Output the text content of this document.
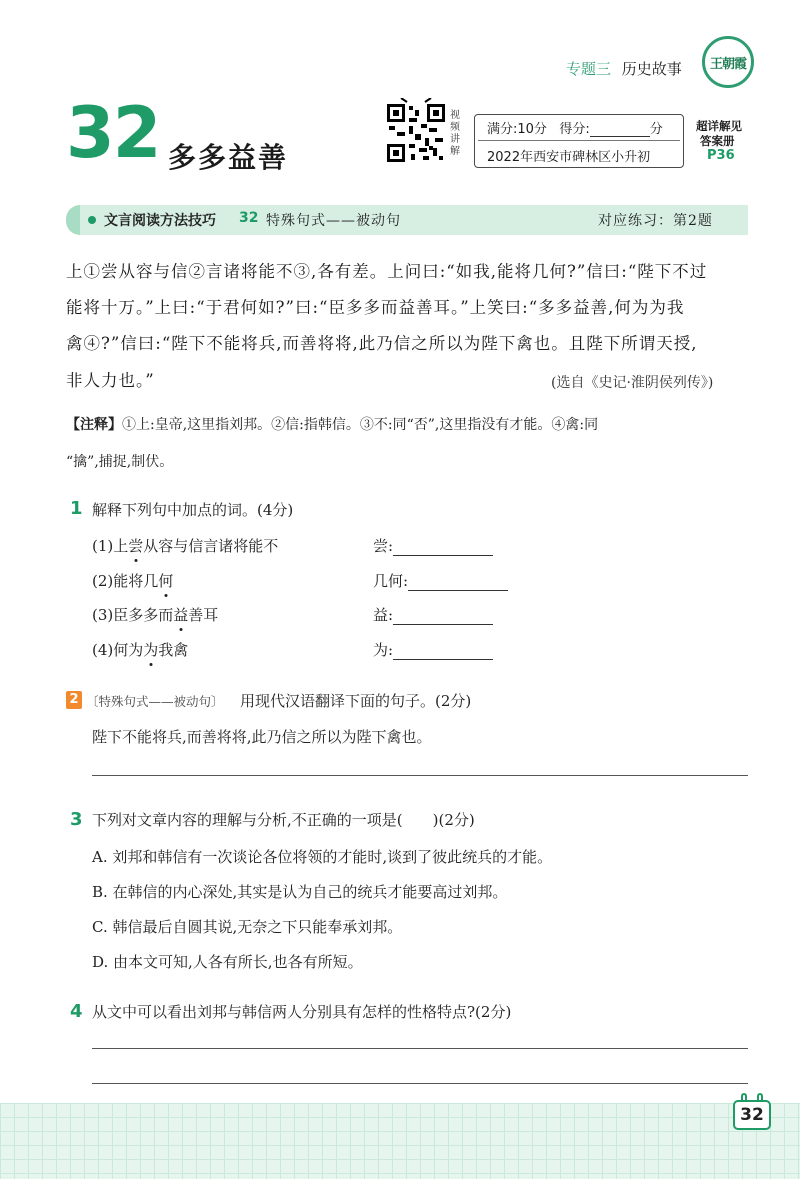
专题三 历史故事 王朝霞
32 多多益善
视
频
讲
解
满分:10分 得分:	分
2022年西安市碑林区小升初
超详解见
答案册
P36
文言阅读方法技巧 32 特殊句式——被动句	对应练习：第2题
上①尝从容与信②言诸将能不③,各有差。上问曰:“如我,能将几何?”信曰:“陛下不过
能将十万。”上曰:“于君何如?”曰:“臣多多而益善耳。”上笑曰:“多多益善,何为为我
禽④?”信曰:“陛下不能将兵,而善将将,此乃信之所以为陛下禽也。且陛下所谓天授,
非人力也。”	(选自《史记·淮阴侯列传》)
【注释】①上:皇帝,这里指刘邦。②信:指韩信。③不:同“否”,这里指没有才能。④禽:同
“擒”,捕捉,制伏。
1 解释下列句中加点的词。(4分)
(1)上尝从容与信言诸将能不	尝:
(2)能将几何	几何:
(3)臣多多而益善耳	益:
(4)何为为我禽	为:
2 〔特殊句式——被动句〕 用现代汉语翻译下面的句子。(2分)
陛下不能将兵,而善将将,此乃信之所以为陛下禽也。
3 下列对文章内容的理解与分析,不正确的一项是(　　)(2分)
A. 刘邦和韩信有一次谈论各位将领的才能时,谈到了彼此统兵的才能。
B. 在韩信的内心深处,其实是认为自己的统兵才能要高过刘邦。
C. 韩信最后自圆其说,无奈之下只能奉承刘邦。
D. 由本文可知,人各有所长,也各有所短。
4 从文中可以看出刘邦与韩信两人分别具有怎样的性格特点?(2分)
32
